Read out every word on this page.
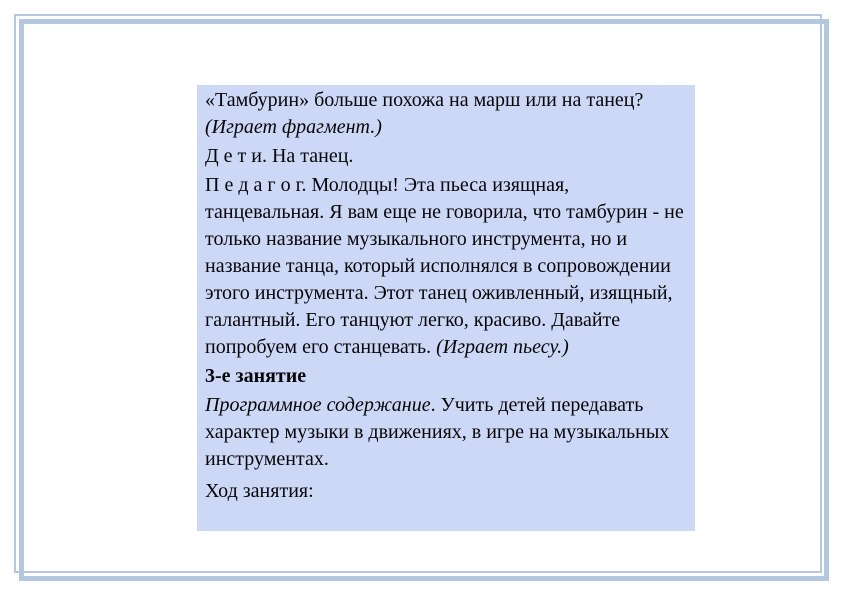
«Тамбурин» больше похожа на марш или на танец? (Играет фрагмент.)

Д е т и. На танец.

П е д а г о г. Молодцы! Эта пьеса изящная, танцевальная. Я вам еще не говорила, что тамбурин - не только название музыкального инструмента, но и название танца, который исполнялся в сопровождении этого инструмента. Этот танец оживленный, изящный, галантный. Его танцуют легко, красиво. Давайте попробуем его станцевать. (Играет пьесу.)

3-е занятие

Программное содержание. Учить детей передавать характер музыки в движениях, в игре на музыкальных инструментах.

Ход занятия:
